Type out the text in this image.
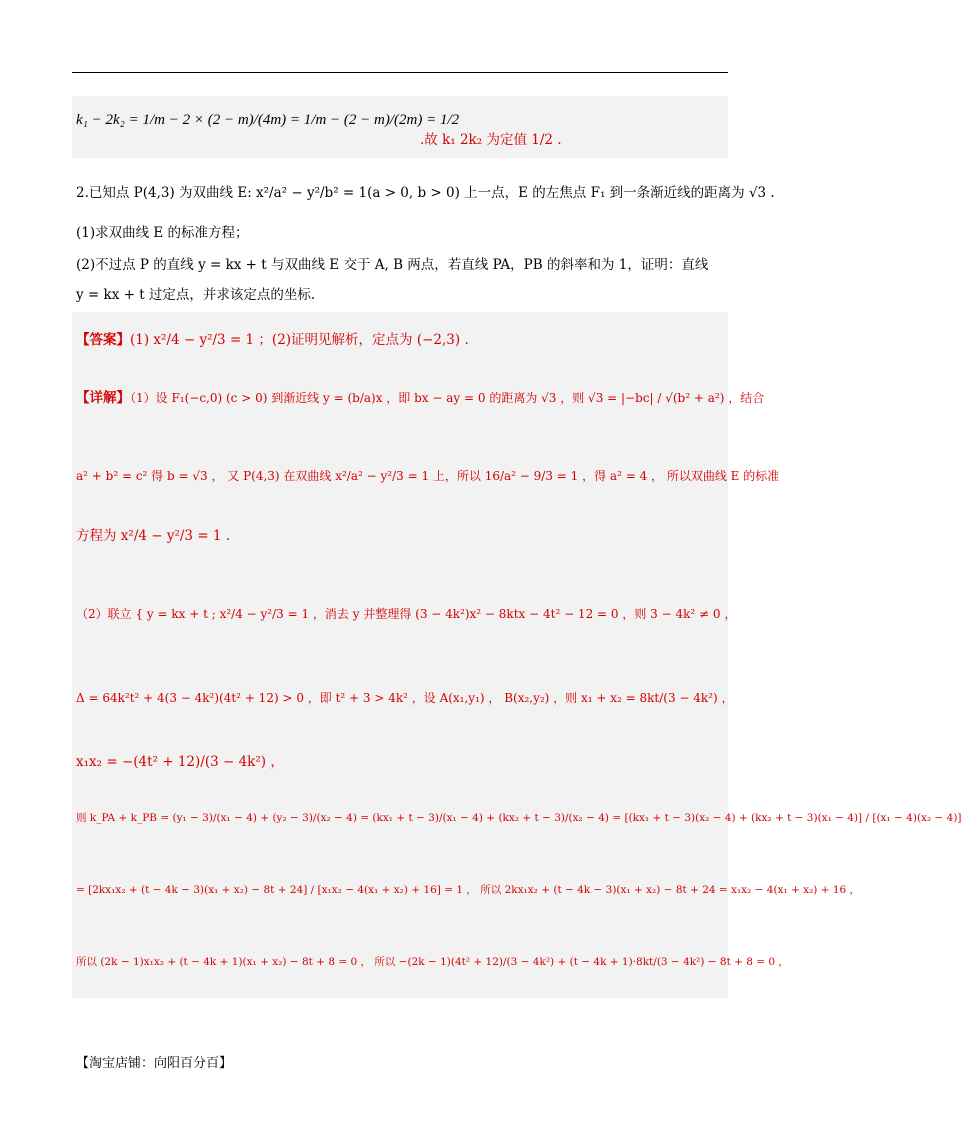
k₁ − 2k₂ = 1/m − 2 × (2 − m)/(4m) = 1/m − (2 − m)/(2m) = 1/2
.故 k₁ 2k₂ 为定值 1/2 .
2.已知点 P(4,3) 为双曲线 E: x²/a² − y²/b² = 1(a > 0, b > 0) 上一点，E 的左焦点 F₁ 到一条渐近线的距离为 √3 .
(1)求双曲线 E 的标准方程；
(2)不过点 P 的直线 y = kx + t 与双曲线 E 交于 A, B 两点，若直线 PA，PB 的斜率和为 1，证明：直线
y = kx + t 过定点，并求该定点的坐标.
【答案】(1) x²/4 − y²/3 = 1 ；(2)证明见解析，定点为 (−2,3) .
【详解】（1）设 F₁(−c,0) (c > 0) 到渐近线 y = (b/a)x ，即 bx − ay = 0 的距离为 √3 ，则 √3 = |−bc| / √(b² + a²) ，结合
a² + b² = c² 得 b = √3 ， 又 P(4,3) 在双曲线 x²/a² − y²/3 = 1 上，所以 16/a² − 9/3 = 1 ，得 a² = 4 ， 所以双曲线 E 的标准
方程为 x²/4 − y²/3 = 1 .
（2）联立 { y = kx + t ; x²/4 − y²/3 = 1 ，消去 y 并整理得 (3 − 4k²)x² − 8ktx − 4t² − 12 = 0 ，则 3 − 4k² ≠ 0 ，
Δ = 64k²t² + 4(3 − 4k²)(4t² + 12) > 0 ，即 t² + 3 > 4k² ，设 A(x₁,y₁) ， B(x₂,y₂) ，则 x₁ + x₂ = 8kt/(3 − 4k²) ，
x₁x₂ = −(4t² + 12)/(3 − 4k²) ，
则 k_PA + k_PB = (y₁ − 3)/(x₁ − 4) + (y₂ − 3)/(x₂ − 4) = (kx₁ + t − 3)/(x₁ − 4) + (kx₂ + t − 3)/(x₂ − 4) = [(kx₁ + t − 3)(x₂ − 4) + (kx₂ + t − 3)(x₁ − 4)] / [(x₁ − 4)(x₂ − 4)]
= [2kx₁x₂ + (t − 4k − 3)(x₁ + x₂) − 8t + 24] / [x₁x₂ − 4(x₁ + x₂) + 16] = 1 ， 所以 2kx₁x₂ + (t − 4k − 3)(x₁ + x₂) − 8t + 24 = x₁x₂ − 4(x₁ + x₂) + 16 ，
所以 (2k − 1)x₁x₂ + (t − 4k + 1)(x₁ + x₂) − 8t + 8 = 0 ， 所以 −(2k − 1)(4t² + 12)/(3 − 4k²) + (t − 4k + 1)·8kt/(3 − 4k²) − 8t + 8 = 0 ，
【淘宝店铺：向阳百分百】
